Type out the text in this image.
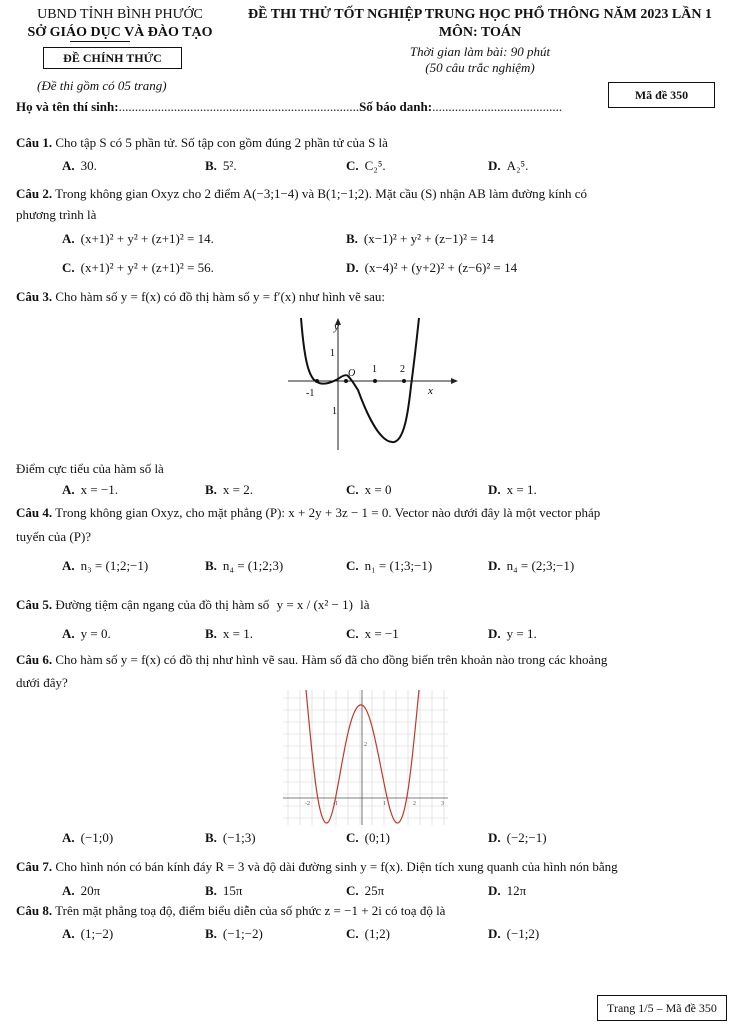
UBND TỈNH BÌNH PHƯỚC
SỞ GIÁO DỤC VÀ ĐÀO TẠO
ĐỀ CHÍNH THỨC
(Đề thi gồm có 05 trang)
ĐỀ THI THỬ TỐT NGHIỆP TRUNG HỌC PHỔ THÔNG NĂM 2023 LẦN 1
MÔN: TOÁN
Thời gian làm bài: 90 phút
(50 câu trắc nghiệm)
Mã đề 350
Họ và tên thí sinh:..........................................................................Số báo danh:........................................
Câu 1. Cho tập S có 5 phần tử. Số tập con gồm đúng 2 phần tử của S là
A. 30.	B. 5².	C. C₂⁵.	D. A₂⁵.
Câu 2. Trong không gian Oxyz cho 2 điểm A(−3;1−4) và B(1;−1;2). Mặt cầu (S) nhận AB làm đường kính có
phương trình là
A. (x+1)² + y² + (z+1)² = 14.	B. (x−1)² + y² + (z−1)² = 14
C. (x+1)² + y² + (z+1)² = 56.	D. (x−4)² + (y+2)² + (z−6)² = 14
Câu 3. Cho hàm số y = f(x) có đồ thị hàm số y = f′(x) như hình vẽ sau:
y
1
O 1 2
-1
1
x
Điểm cực tiểu của hàm số là
A. x = −1.	B. x = 2.	C. x = 0	D. x = 1.
Câu 4. Trong không gian Oxyz, cho mặt phẳng (P): x + 2y + 3z − 1 = 0. Vector nào dưới đây là một vector pháp
tuyến của (P)?
A. n₃ = (1;2;−1)	B. n₄ = (1;2;3)	C. n₁ = (1;3;−1)	D. n₄ = (2;3;−1)
Câu 5. Đường tiệm cận ngang của đồ thị hàm số y = x / (x² − 1) là
A. y = 0.	B. x = 1.	C. x = −1	D. y = 1.
Câu 6. Cho hàm số y = f(x) có đồ thị như hình vẽ sau. Hàm số đã cho đồng biến trên khoản nào trong các khoảng
dưới đây?
-2	-1	1	2	3
2
A. (−1;0)	B. (−1;3)	C. (0;1)	D. (−2;−1)
Câu 7. Cho hình nón có bán kính đáy R = 3 và độ dài đường sinh y = f(x). Diện tích xung quanh của hình nón bằng
A. 20π	B. 15π	C. 25π	D. 12π
Câu 8. Trên mặt phẳng toạ độ, điểm biểu diễn của số phức z = −1 + 2i có toạ độ là
A. (1;−2)	B. (−1;−2)	C. (1;2)	D. (−1;2)
Trang 1/5 – Mã đề 350
